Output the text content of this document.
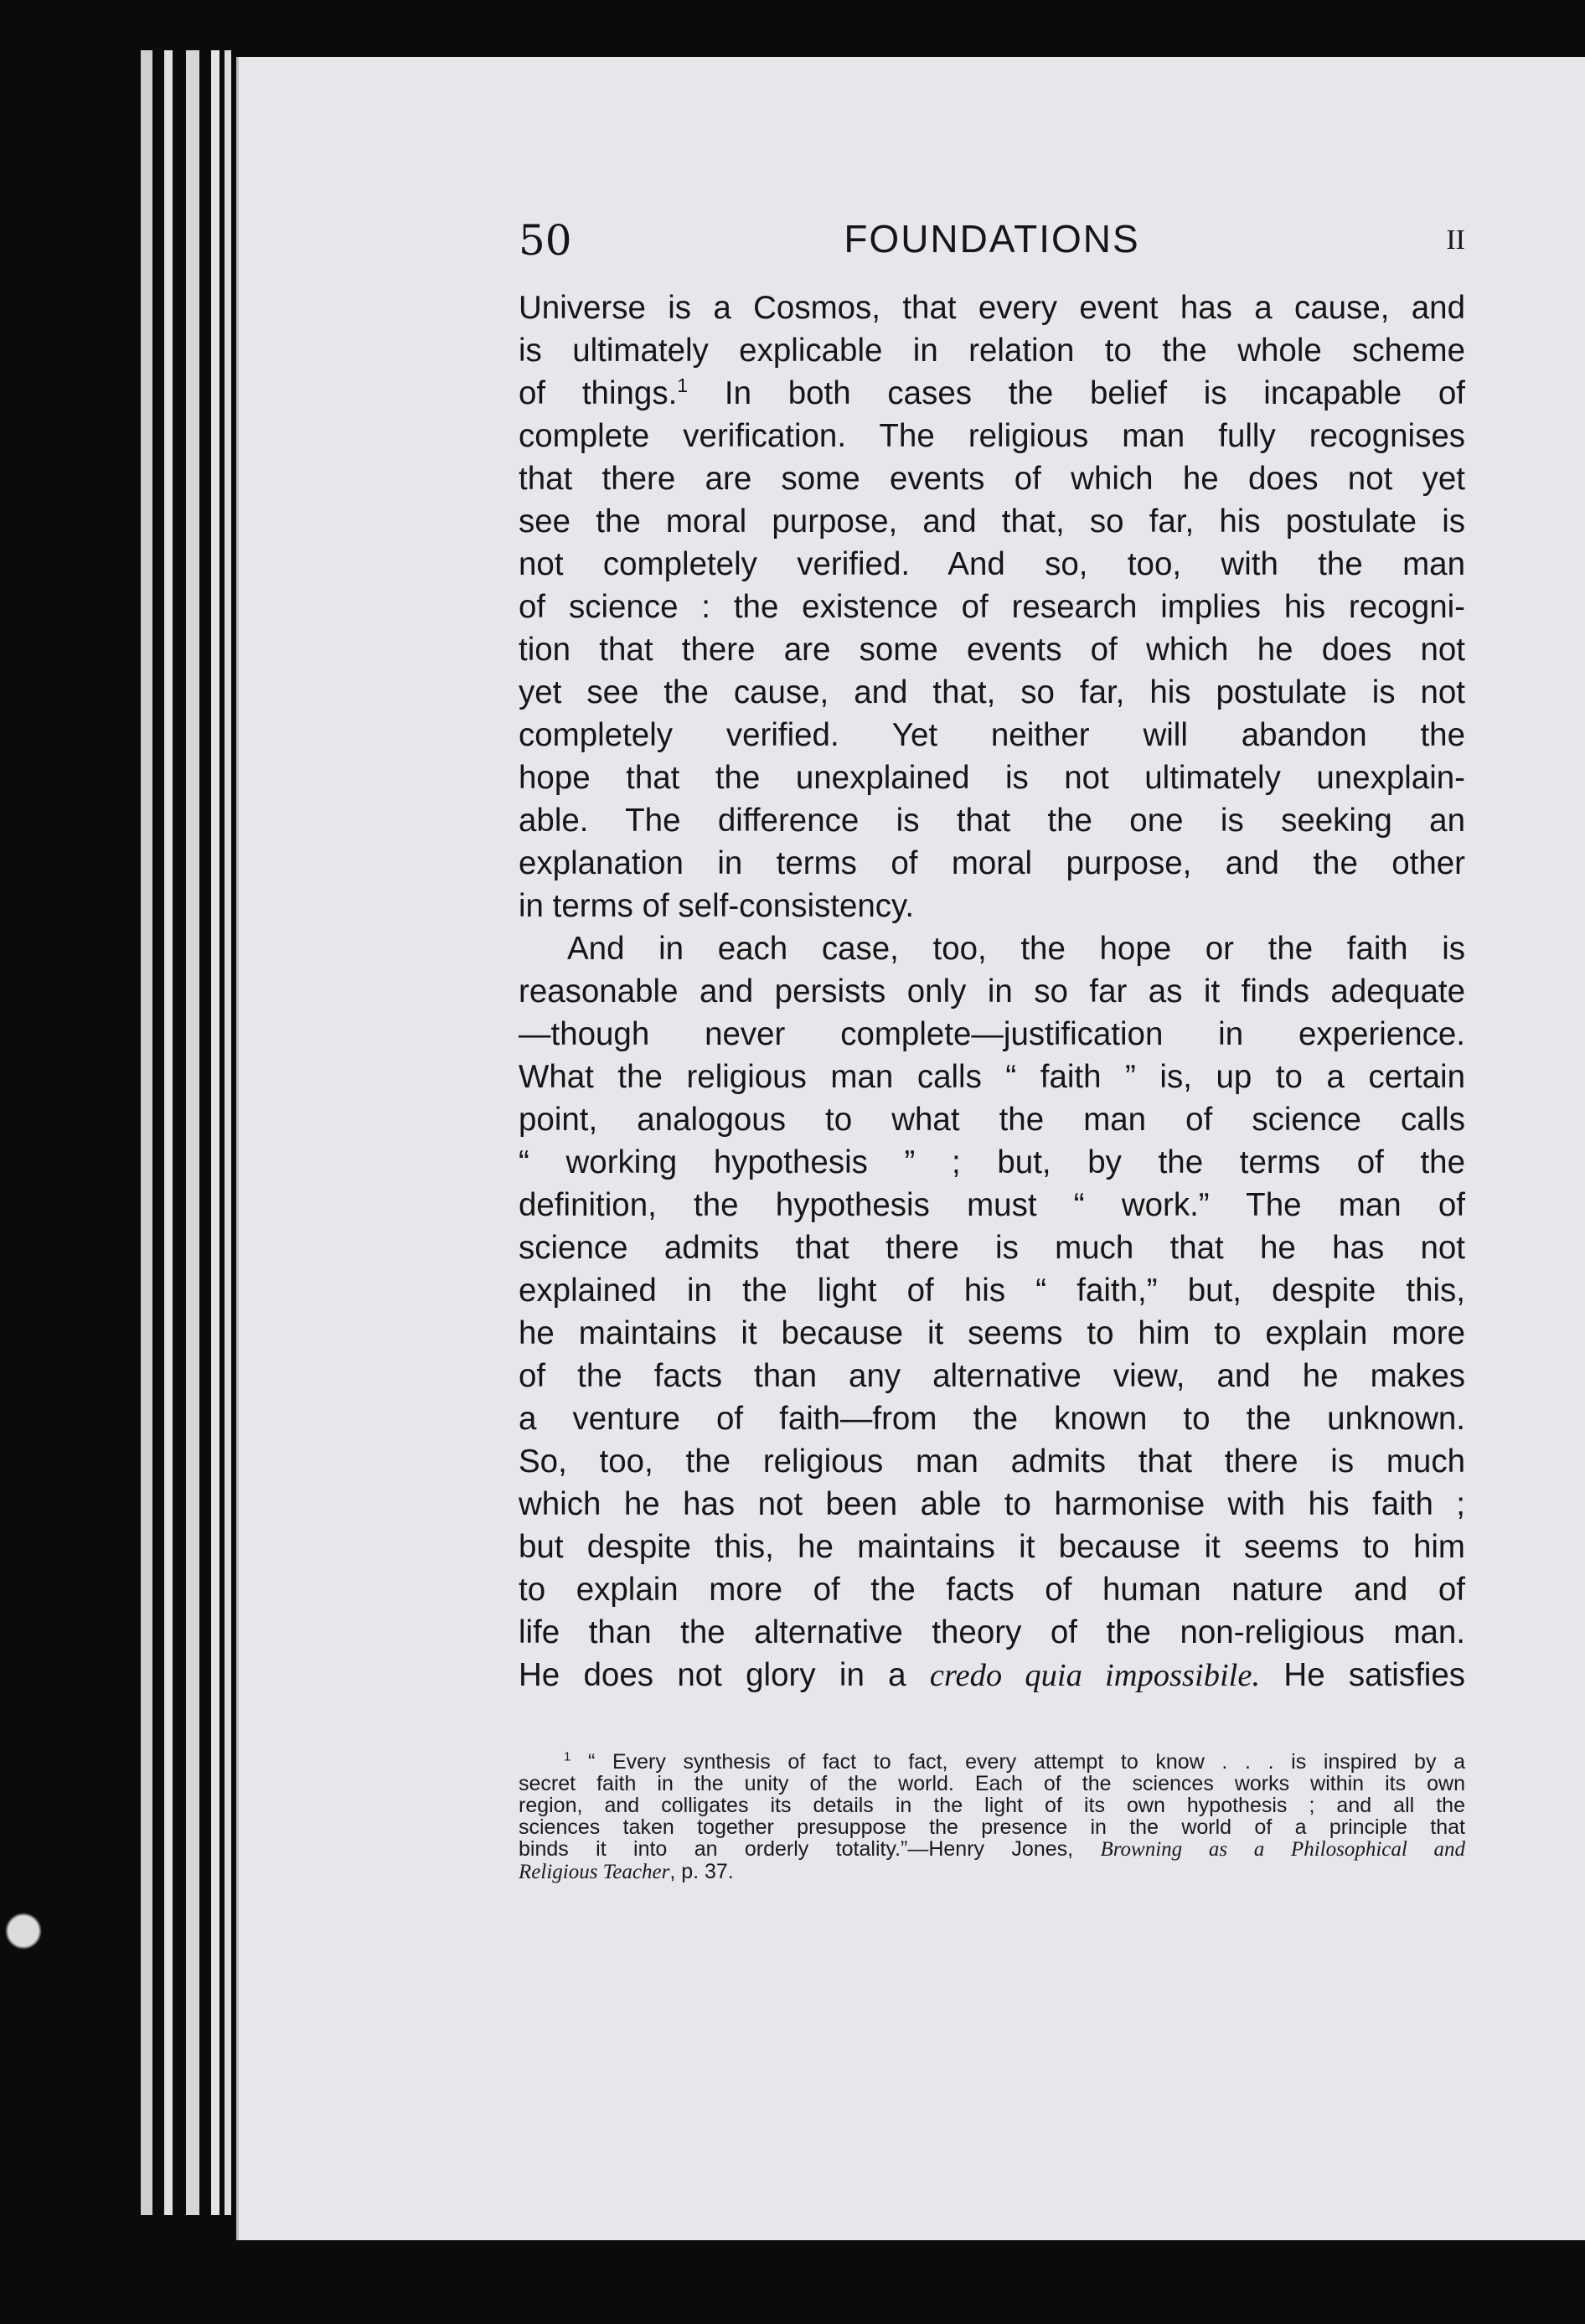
50	FOUNDATIONS	II

Universe is a Cosmos, that every event has a cause, and
is ultimately explicable in relation to the whole scheme
of things.$^1$ In both cases the belief is incapable of
complete verification. The religious man fully recognises
that there are some events of which he does not yet
see the moral purpose, and that, so far, his postulate is
not completely verified. And so, too, with the man
of science : the existence of research implies his recogni-
tion that there are some events of which he does not
yet see the cause, and that, so far, his postulate is not
completely verified. Yet neither will abandon the
hope that the unexplained is not ultimately unexplain-
able. The difference is that the one is seeking an
explanation in terms of moral purpose, and the other
in terms of self-consistency.

And in each case, too, the hope or the faith is
reasonable and persists only in so far as it finds adequate
—though never complete—justification in experience.
What the religious man calls “ faith ” is, up to a certain
point, analogous to what the man of science calls
“ working hypothesis ” ; but, by the terms of the
definition, the hypothesis must “ work.” The man of
science admits that there is much that he has not
explained in the light of his “ faith,” but, despite this,
he maintains it because it seems to him to explain more
of the facts than any alternative view, and he makes
a venture of faith—from the known to the unknown.
So, too, the religious man admits that there is much
which he has not been able to harmonise with his faith ;
but despite this, he maintains it because it seems to him
to explain more of the facts of human nature and of
life than the alternative theory of the non-religious man.
He does not glory in a credo quia impossibile. He satisfies

$^1$ “ Every synthesis of fact to fact, every attempt to know . . . is inspired by a
secret faith in the unity of the world. Each of the sciences works within its own
region, and colligates its details in the light of its own hypothesis ; and all the
sciences taken together presuppose the presence in the world of a principle that
binds it into an orderly totality.”—Henry Jones, Browning as a Philosophical and
Religious Teacher, p. 37.
